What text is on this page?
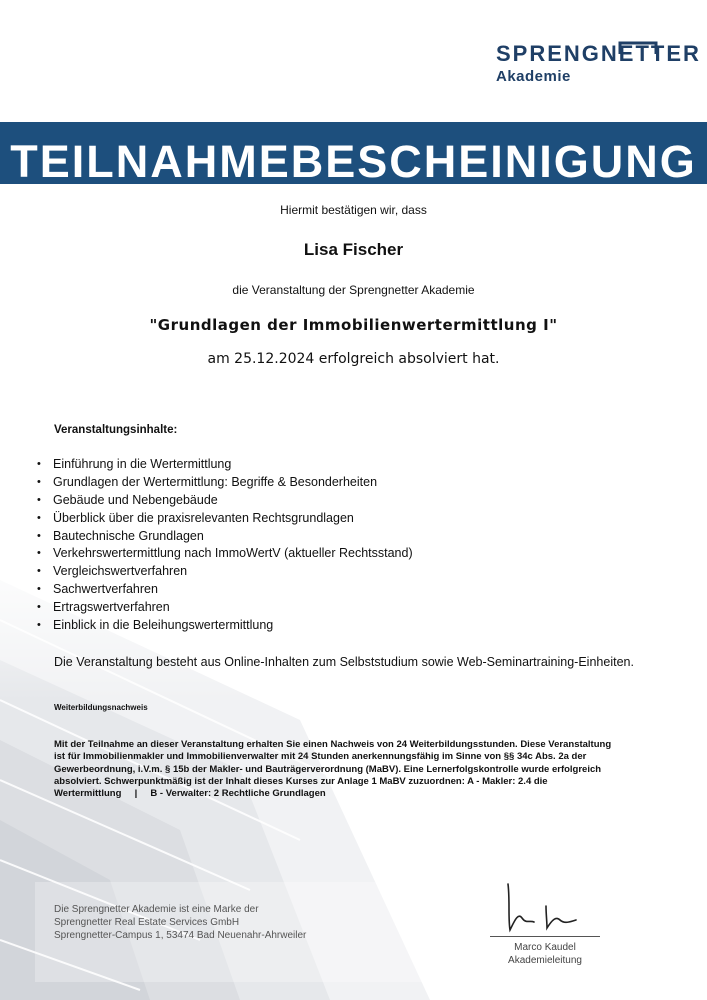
SPRENGNETTER
Akademie
TEILNAHMEBESCHEINIGUNG
Hiermit bestätigen wir, dass
Lisa Fischer
die Veranstaltung der Sprengnetter Akademie
"Grundlagen der Immobilienwertermittlung I"
am 25.12.2024 erfolgreich absolviert hat.
Veranstaltungsinhalte:
• Einführung in die Wertermittlung
• Grundlagen der Wertermittlung: Begriffe & Besonderheiten
• Gebäude und Nebengebäude
• Überblick über die praxisrelevanten Rechtsgrundlagen
• Bautechnische Grundlagen
• Verkehrswertermittlung nach ImmoWertV (aktueller Rechtsstand)
• Vergleichswertverfahren
• Sachwertverfahren
• Ertragswertverfahren
• Einblick in die Beleihungswertermittlung
Die Veranstaltung besteht aus Online-Inhalten zum Selbststudium sowie Web-Seminartraining-Einheiten.
Weiterbildungsnachweis
Mit der Teilnahme an dieser Veranstaltung erhalten Sie einen Nachweis von 24 Weiterbildungsstunden. Diese Veranstaltung
ist für Immobilienmakler und Immobilienverwalter mit 24 Stunden anerkennungsfähig im Sinne von §§ 34c Abs. 2a der
Gewerbeordnung, i.V.m. § 15b der Makler- und Bauträgerverordnung (MaBV). Eine Lernerfolgskontrolle wurde erfolgreich
absolviert. Schwerpunktmäßig ist der Inhalt dieses Kurses zur Anlage 1 MaBV zuzuordnen: A - Makler: 2.4 die
Wertermittlung     |     B - Verwalter: 2 Rechtliche Grundlagen
Die Sprengnetter Akademie ist eine Marke der
Sprengnetter Real Estate Services GmbH
Sprengnetter-Campus 1, 53474 Bad Neuenahr-Ahrweiler
Marco Kaudel
Akademieleitung
